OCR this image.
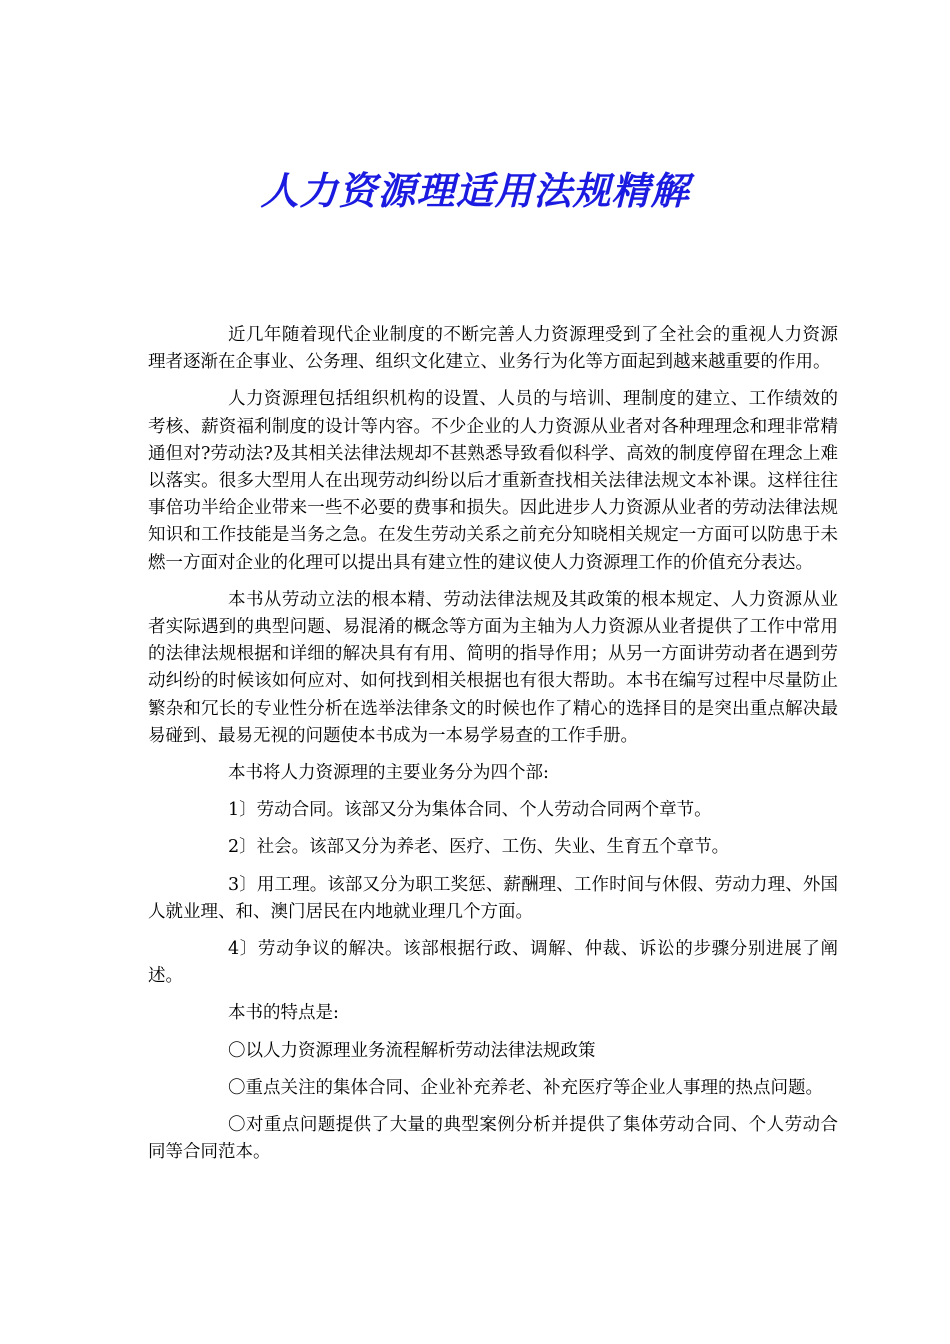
人力资源理适用法规精解

近几年随着现代企业制度的不断完善人力资源理受到了全社会的重视人力资源理者逐渐在企事业、公务理、组织文化建立、业务行为化等方面起到越来越重要的作用。

人力资源理包括组织机构的设置、人员的与培训、理制度的建立、工作绩效的考核、薪资福利制度的设计等内容。不少企业的人力资源从业者对各种理理念和理非常精通但对?劳动法?及其相关法律法规却不甚熟悉导致看似科学、高效的制度停留在理念上难以落实。很多大型用人在出现劳动纠纷以后才重新查找相关法律法规文本补课。这样往往事倍功半给企业带来一些不必要的费事和损失。因此进步人力资源从业者的劳动法律法规知识和工作技能是当务之急。在发生劳动关系之前充分知晓相关规定一方面可以防患于未燃一方面对企业的化理可以提出具有建立性的建议使人力资源理工作的价值充分表达。

本书从劳动立法的根本精、劳动法律法规及其政策的根本规定、人力资源从业者实际遇到的典型问题、易混淆的概念等方面为主轴为人力资源从业者提供了工作中常用的法律法规根据和详细的解决具有有用、简明的指导作用；从另一方面讲劳动者在遇到劳动纠纷的时候该如何应对、如何找到相关根据也有很大帮助。本书在编写过程中尽量防止繁杂和冗长的专业性分析在选举法律条文的时候也作了精心的选择目的是突出重点解决最易碰到、最易无视的问题使本书成为一本易学易查的工作手册。

本书将人力资源理的主要业务分为四个部:

1〕劳动合同。该部又分为集体合同、个人劳动合同两个章节。

2〕社会。该部又分为养老、医疗、工伤、失业、生育五个章节。

3〕用工理。该部又分为职工奖惩、薪酬理、工作时间与休假、劳动力理、外国人就业理、和、澳门居民在内地就业理几个方面。

4〕劳动争议的解决。该部根据行政、调解、仲裁、诉讼的步骤分别进展了阐述。

本书的特点是:

〇以人力资源理业务流程解析劳动法律法规政策

〇重点关注的集体合同、企业补充养老、补充医疗等企业人事理的热点问题。

〇对重点问题提供了大量的典型案例分析并提供了集体劳动合同、个人劳动合同等合同范本。
